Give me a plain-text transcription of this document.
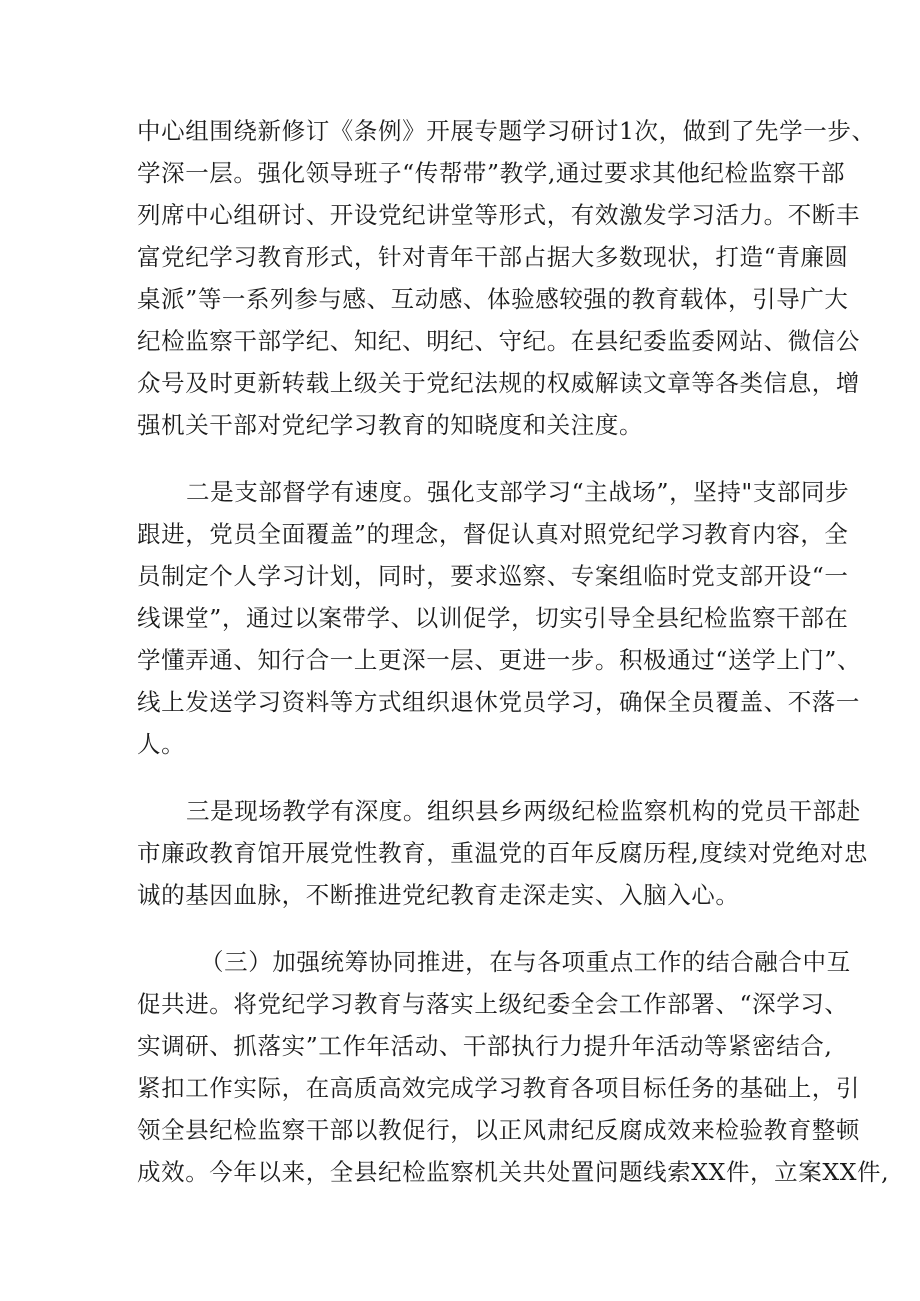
中心组围绕新修订《条例》开展专题学习研讨1次，做到了先学一步、
学深一层。强化领导班子“传帮带”教学,通过要求其他纪检监察干部
列席中心组研讨、开设党纪讲堂等形式，有效激发学习活力。不断丰
富党纪学习教育形式，针对青年干部占据大多数现状，打造“青廉圆
桌派”等一系列参与感、互动感、体验感较强的教育载体，引导广大
纪检监察干部学纪、知纪、明纪、守纪。在县纪委监委网站、微信公
众号及时更新转载上级关于党纪法规的权威解读文章等各类信息，增
强机关干部对党纪学习教育的知晓度和关注度。
二是支部督学有速度。强化支部学习“主战场”，坚持"支部同步
跟进，党员全面覆盖”的理念，督促认真对照党纪学习教育内容，全
员制定个人学习计划，同时，要求巡察、专案组临时党支部开设“一
线课堂”，通过以案带学、以训促学，切实引导全县纪检监察干部在
学懂弄通、知行合一上更深一层、更进一步。积极通过“送学上门”、
线上发送学习资料等方式组织退休党员学习，确保全员覆盖、不落一
人。
三是现场教学有深度。组织县乡两级纪检监察机构的党员干部赴
市廉政教育馆开展党性教育，重温党的百年反腐历程,度续对党绝对忠
诚的基因血脉，不断推进党纪教育走深走实、入脑入心。
（三）加强统筹协同推进，在与各项重点工作的结合融合中互
促共进。将党纪学习教育与落实上级纪委全会工作部署、“深学习、
实调研、抓落实”工作年活动、干部执行力提升年活动等紧密结合,
紧扣工作实际，在高质高效完成学习教育各项目标任务的基础上，引
领全县纪检监察干部以教促行，以正风肃纪反腐成效来检验教育整顿
成效。今年以来，全县纪检监察机关共处置问题线索XX件，立案XX件,
